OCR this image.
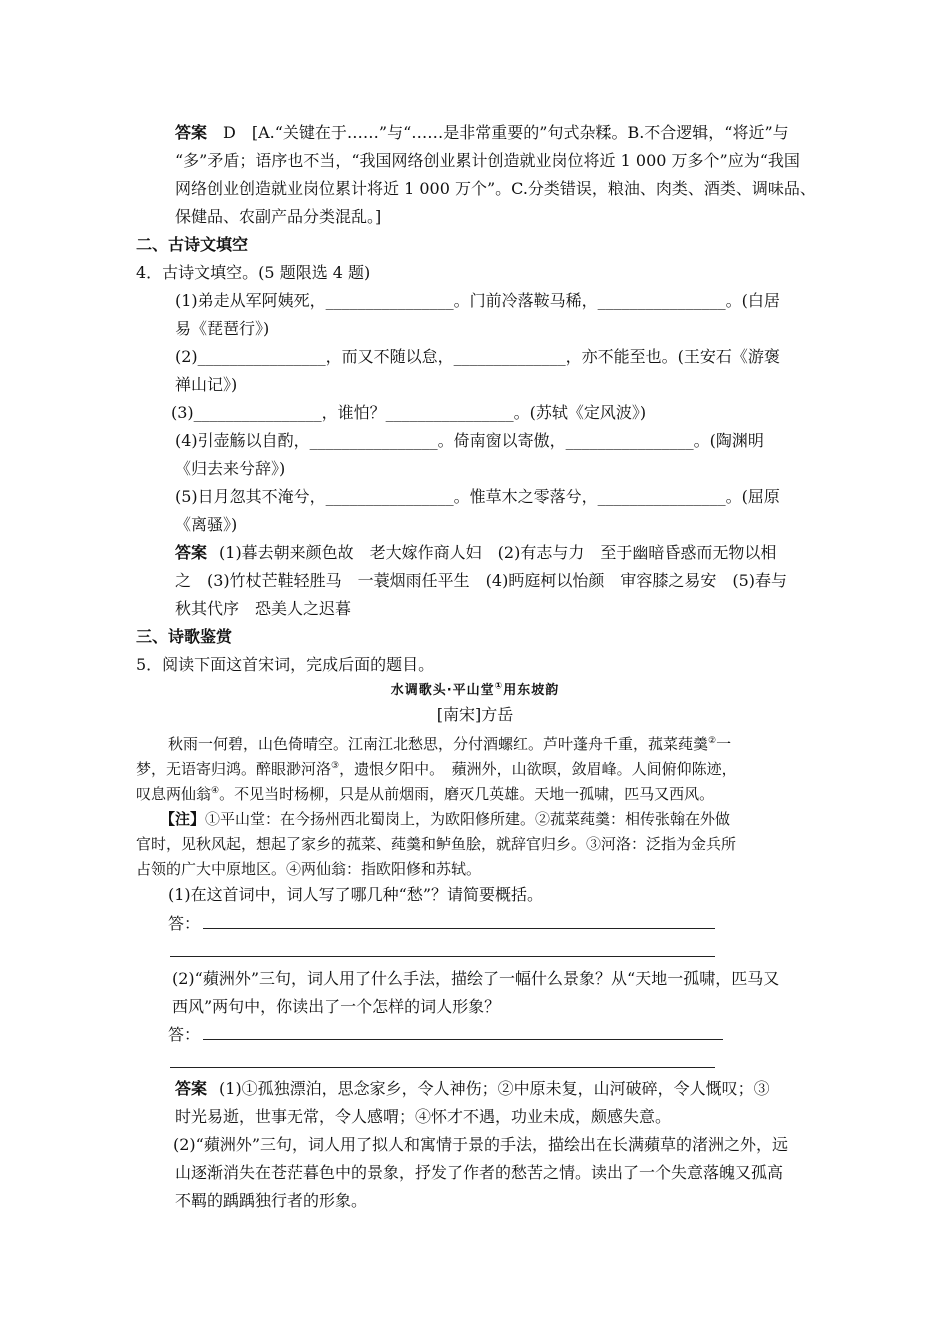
答案 D　[A.“关键在于……”与“……是非常重要的”句式杂糅。B.不合逻辑，“将近”与
“多”矛盾；语序也不当，“我国网络创业累计创造就业岗位将近 1 000 万多个”应为“我国
网络创业创造就业岗位累计将近 1 000 万个”。C.分类错误，粮油、肉类、酒类、调味品、
保健品、农副产品分类混乱。]
二、古诗文填空
4．古诗文填空。(5 题限选 4 题)
(1)弟走从军阿姨死，________________。门前冷落鞍马稀，________________。(白居
易《琵琶行》)
(2)________________，而又不随以怠，______________，亦不能至也。(王安石《游褒
禅山记》)
(3)________________，谁怕？________________。(苏轼《定风波》)
(4)引壶觞以自酌，________________。倚南窗以寄傲，________________。(陶渊明
《归去来兮辞》)
(5)日月忽其不淹兮，________________。惟草木之零落兮，________________。(屈原
《离骚》)
答案 (1)暮去朝来颜色故　老大嫁作商人妇　(2)有志与力　至于幽暗昏惑而无物以相
之　(3)竹杖芒鞋轻胜马　一蓑烟雨任平生　(4)眄庭柯以怡颜　审容膝之易安　(5)春与
秋其代序　恐美人之迟暮
三、诗歌鉴赏
5．阅读下面这首宋词，完成后面的题目。
水调歌头·平山堂①用东坡韵
[南宋]方岳
秋雨一何碧，山色倚晴空。江南江北愁思，分付酒螺红。芦叶蓬舟千重，菰菜莼羹②一
梦，无语寄归鸿。醉眼渺河洛③，遗恨夕阳中。　蘋洲外，山欲暝，敛眉峰。人间俯仰陈迹，
叹息两仙翁④。不见当时杨柳，只是从前烟雨，磨灭几英雄。天地一孤啸，匹马又西风。
【注】①平山堂：在今扬州西北蜀岗上，为欧阳修所建。②菰菜莼羹：相传张翰在外做
官时，见秋风起，想起了家乡的菰菜、莼羹和鲈鱼脍，就辞官归乡。③河洛：泛指为金兵所
占领的广大中原地区。④两仙翁：指欧阳修和苏轼。
(1)在这首词中，词人写了哪几种“愁”？请简要概括。
答：
(2)“蘋洲外”三句，词人用了什么手法，描绘了一幅什么景象？从“天地一孤啸，匹马又
西风”两句中，你读出了一个怎样的词人形象？
答：
答案 (1)①孤独漂泊，思念家乡，令人神伤；②中原未复，山河破碎，令人慨叹；③
时光易逝，世事无常，令人感喟；④怀才不遇，功业未成，颇感失意。
(2)“蘋洲外”三句，词人用了拟人和寓情于景的手法，描绘出在长满蘋草的渚洲之外，远
山逐渐消失在苍茫暮色中的景象，抒发了作者的愁苦之情。读出了一个失意落魄又孤高
不羁的踽踽独行者的形象。
